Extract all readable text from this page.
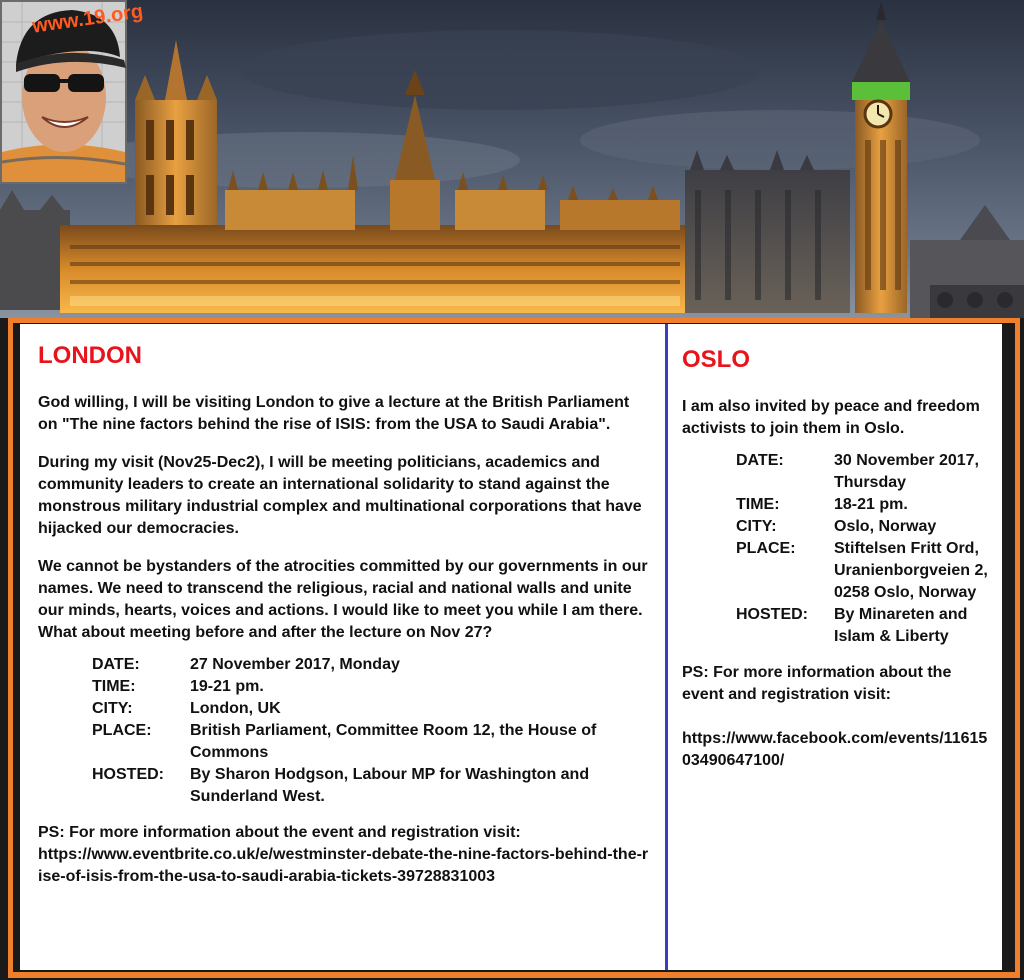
www.19.org
LONDON

God willing, I will be visiting London to give a lecture at the British Parliament on "The nine factors behind the rise of ISIS: from the USA to Saudi Arabia".

During my visit (Nov25-Dec2), I will be meeting politicians, academics and community leaders to create an international solidarity to stand against the monstrous military industrial complex and multinational corporations that have hijacked our democracies.

We cannot be bystanders of the atrocities committed by our governments in our names. We need to transcend the religious, racial and national walls and unite our minds, hearts, voices and actions. I would like to meet you while I am there. What about meeting before and after the lecture on Nov 27?

DATE:	27 November 2017, Monday
TIME:	19-21 pm.
CITY:	London, UK
PLACE:	British Parliament, Committee Room 12, the House of Commons
HOSTED:	By Sharon Hodgson, Labour MP for Washington and Sunderland West.
PS: For more information about the event and registration visit:
https://www.eventbrite.co.uk/e/westminster-debate-the-nine-factors-behind-the-rise-of-isis-from-the-usa-to-saudi-arabia-tickets-39728831003
OSLO

I am also invited by peace and freedom activists to join them in Oslo.

DATE:	30 November 2017, Thursday
TIME:	18-21 pm.
CITY:	Oslo, Norway
PLACE:	Stiftelsen Fritt Ord, Uranienborgveien 2, 0258 Oslo, Norway
HOSTED:	By Minareten and Islam & Liberty
PS: For more information about the event and registration visit:
https://www.facebook.com/events/1161503490647100/
